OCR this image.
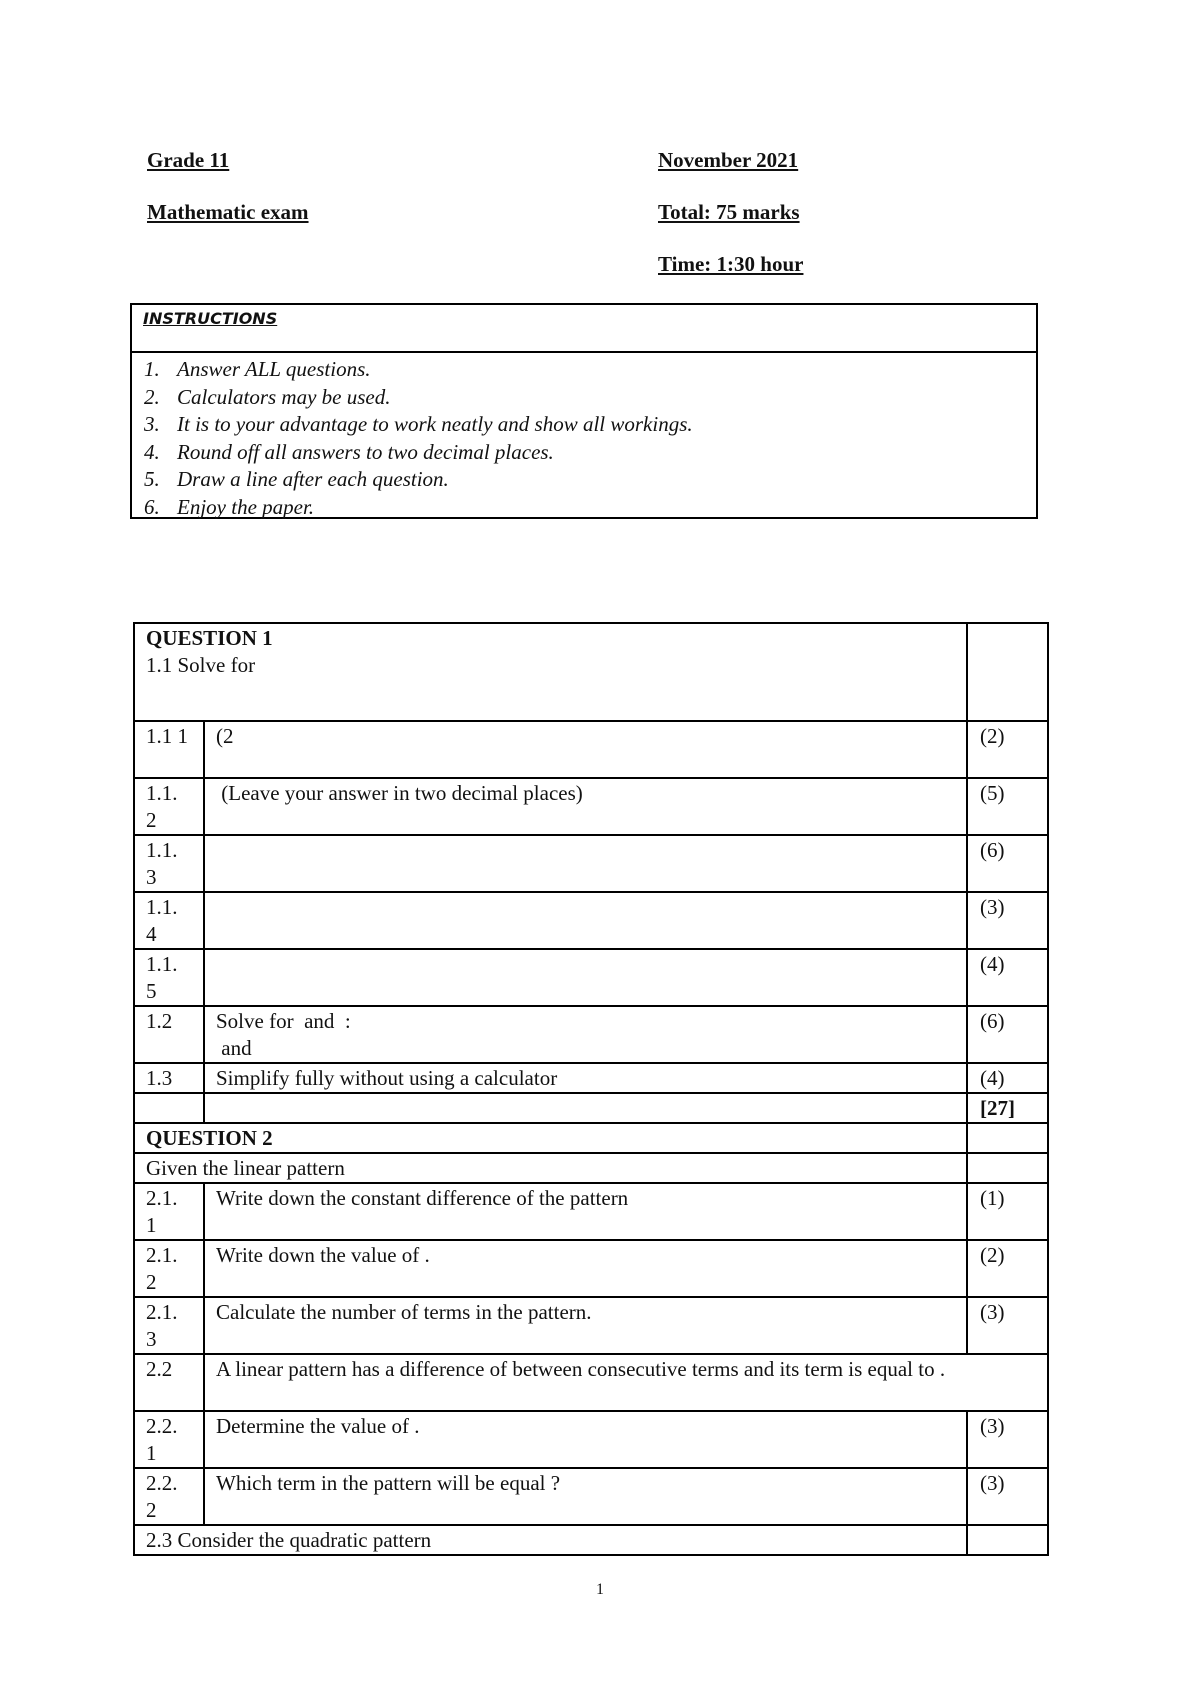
Grade 11
Mathematic exam
November 2021
Total: 75 marks
Time: 1:30 hour
INSTRUCTIONS
1. Answer ALL questions.
2. Calculators may be used.
3. It is to your advantage to work neatly and show all workings.
4. Round off all answers to two decimal places.
5. Draw a line after each question.
6. Enjoy the paper.
QUESTION 1
1.1 Solve for		

1.1 1	(2	(2)
1.1. 2	(Leave your answer in two decimal places)	(5)
1.1. 3		(6)
1.1. 4		(3)
1.1. 5		(4)
1.2	Solve for  and  :
and	(6)
1.3	Simplify fully without using a calculator	(4)
		[27]
QUESTION 2		
Given the linear pattern		
2.1. 1	Write down the constant difference of the pattern	(1)
2.1. 2	Write down the value of .	(2)
2.1. 3	Calculate the number of terms in the pattern.	(3)
2.2	A linear pattern has a difference of between consecutive terms and its term is equal to .	
2.2. 1	Determine the value of .	(3)
2.2. 2	Which term in the pattern will be equal ?	(3)
2.3 Consider the quadratic pattern		
1
